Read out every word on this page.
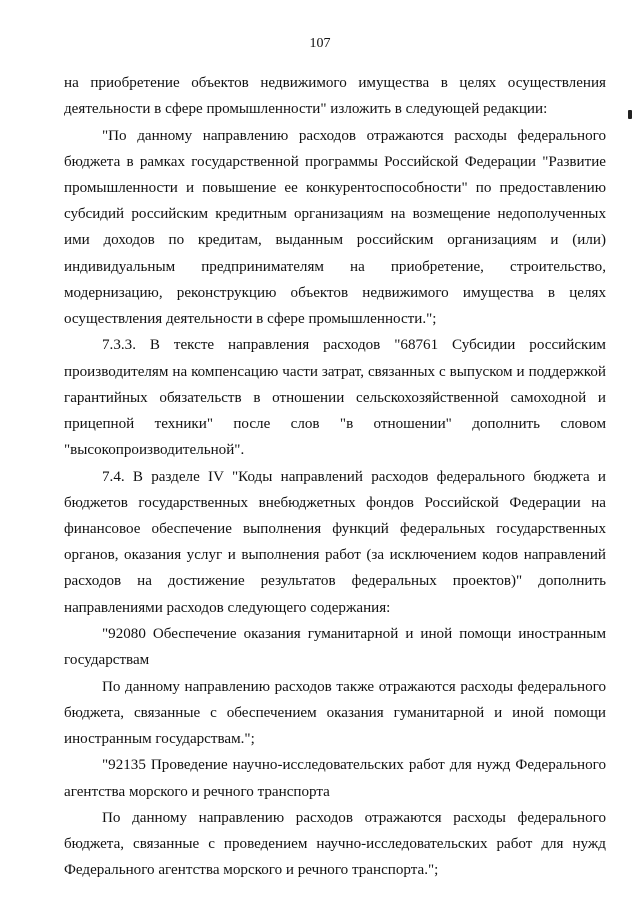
107

на приобретение объектов недвижимого имущества в целях осуществления деятельности в сфере промышленности" изложить в следующей редакции:

"По данному направлению расходов отражаются расходы федерального бюджета в рамках государственной программы Российской Федерации "Развитие промышленности и повышение ее конкурентоспособности" по предоставлению субсидий российским кредитным организациям на возмещение недополученных ими доходов по кредитам, выданным российским организациям и (или) индивидуальным предпринимателям на приобретение, строительство, модернизацию, реконструкцию объектов недвижимого имущества в целях осуществления деятельности в сфере промышленности.";

7.3.3. В тексте направления расходов "68761 Субсидии российским производителям на компенсацию части затрат, связанных с выпуском и поддержкой гарантийных обязательств в отношении сельскохозяйственной самоходной и прицепной техники" после слов "в отношении" дополнить словом "высокопроизводительной".

7.4. В разделе IV "Коды направлений расходов федерального бюджета и бюджетов государственных внебюджетных фондов Российской Федерации на финансовое обеспечение выполнения функций федеральных государственных органов, оказания услуг и выполнения работ (за исключением кодов направлений расходов на достижение результатов федеральных проектов)" дополнить направлениями расходов следующего содержания:

"92080 Обеспечение оказания гуманитарной и иной помощи иностранным государствам

По данному направлению расходов также отражаются расходы федерального бюджета, связанные с обеспечением оказания гуманитарной и иной помощи иностранным государствам.";

"92135 Проведение научно-исследовательских работ для нужд Федерального агентства морского и речного транспорта

По данному направлению расходов отражаются расходы федерального бюджета, связанные с проведением научно-исследовательских работ для нужд Федерального агентства морского и речного транспорта.";
